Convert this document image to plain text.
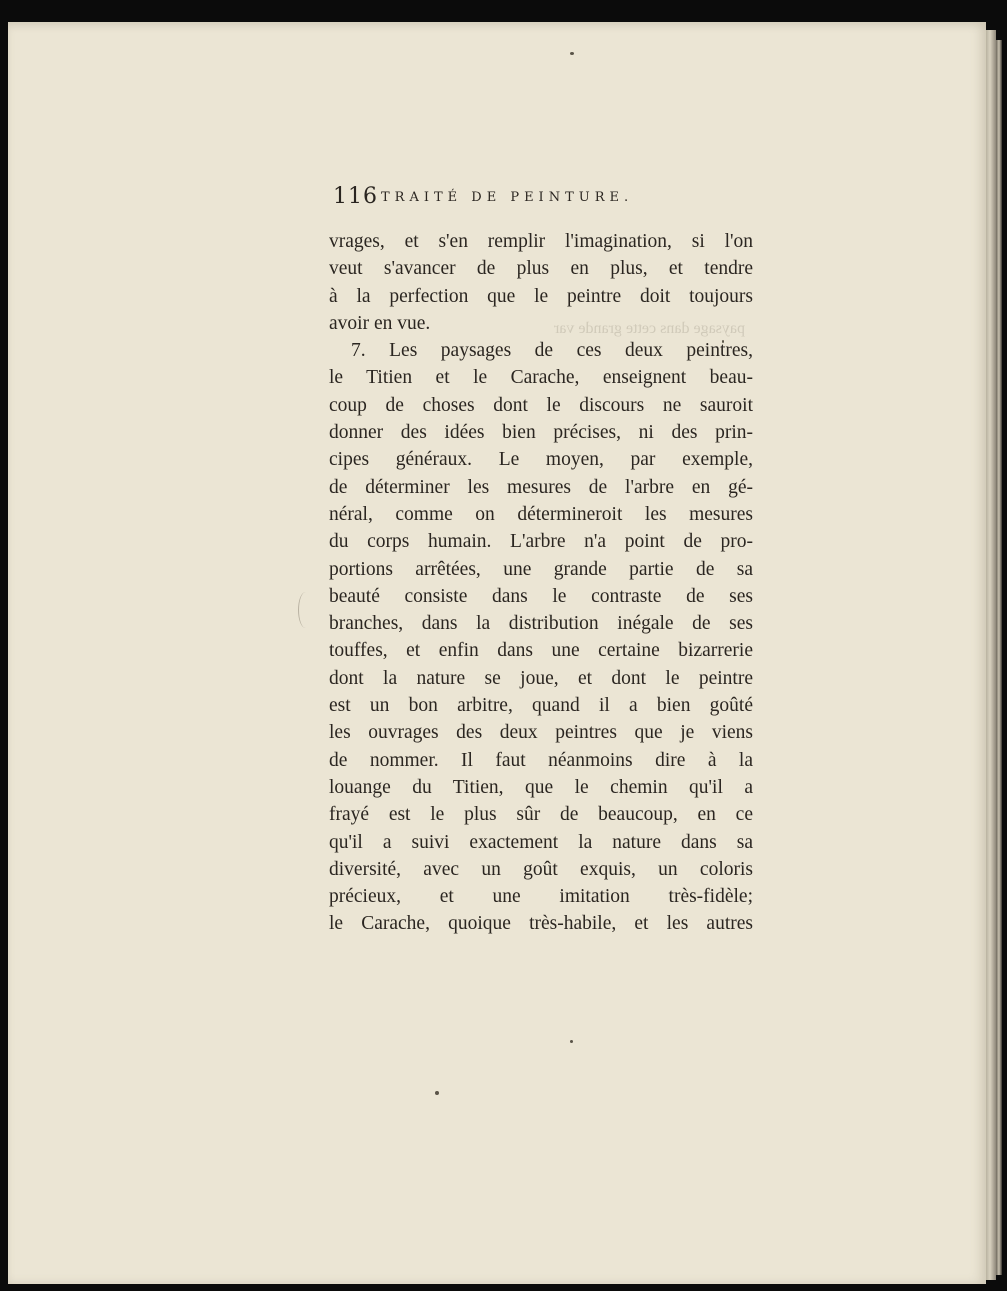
paysage dans cette grande var
116 TRAITÉ DE PEINTURE.
vrages, et s'en remplir l'imagination, si l'on
veut s'avancer de plus en plus, et tendre
à la perfection que le peintre doit toujours
avoir en vue.
7. Les paysages de ces deux peintres,
le Titien et le Carache, enseignent beau-
coup de choses dont le discours ne sauroit
donner des idées bien précises, ni des prin-
cipes généraux. Le moyen, par exemple,
de déterminer les mesures de l'arbre en gé-
néral, comme on détermineroit les mesures
du corps humain. L'arbre n'a point de pro-
portions arrêtées, une grande partie de sa
beauté consiste dans le contraste de ses
branches, dans la distribution inégale de ses
touffes, et enfin dans une certaine bizarrerie
dont la nature se joue, et dont le peintre
est un bon arbitre, quand il a bien goûté
les ouvrages des deux peintres que je viens
de nommer. Il faut néanmoins dire à la
louange du Titien, que le chemin qu'il a
frayé est le plus sûr de beaucoup, en ce
qu'il a suivi exactement la nature dans sa
diversité, avec un goût exquis, un coloris
précieux, et une imitation très-fidèle;
le Carache, quoique très-habile, et les autres
